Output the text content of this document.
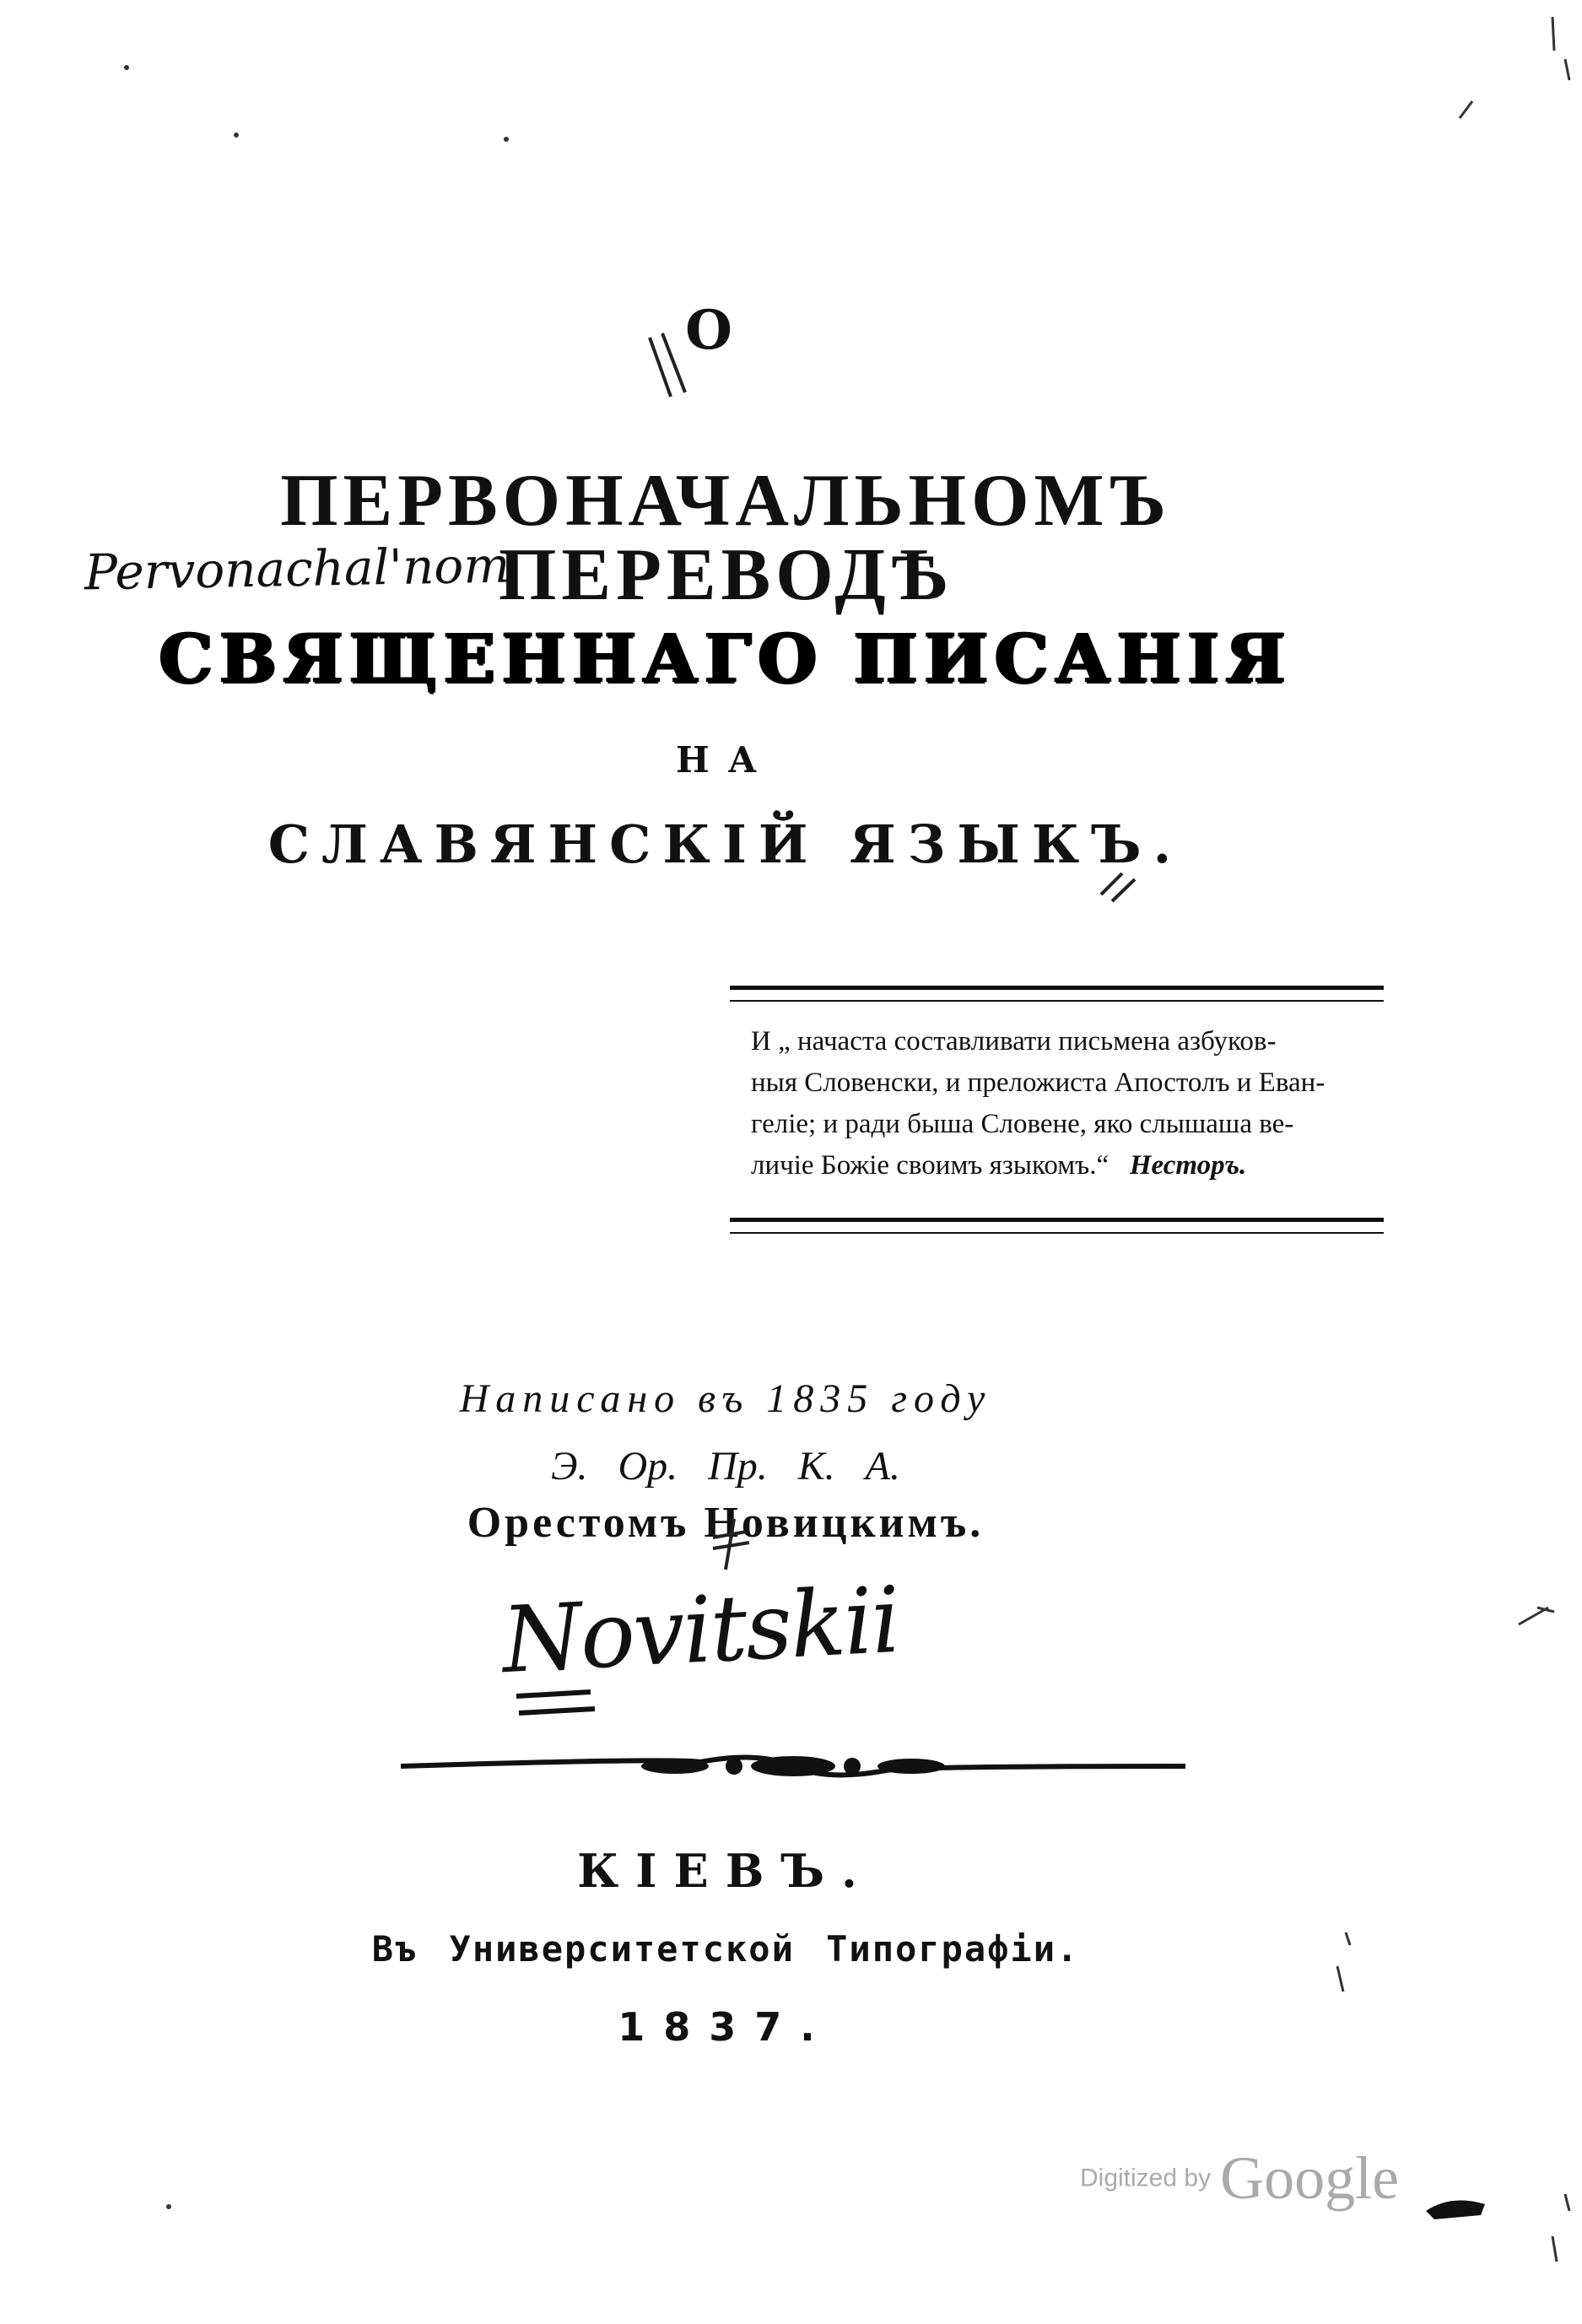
О
ПЕРВОНАЧАЛЬНОМЪ ПЕРЕВОДѢ
СВЯЩЕННАГО ПИСАНІЯ
НА
СЛАВЯНСКІЙ ЯЗЫКЪ.
Pervonachal'nom
И „ начаста составливати письмена азбуков-
ныя Словенски, и преложиста Апостолъ и Еван-
геліе; и ради быша Словене, яко слышаша ве-
личіе Божіе своимъ языкомъ.“ Несторъ.
Написано въ 1835 году
Э. Ор. Пр. К. А.
Орестомъ Новицкимъ.
Novitskii
КІЕВЪ.
Въ Университетской Типографіи.
1837.
Digitized by Google
